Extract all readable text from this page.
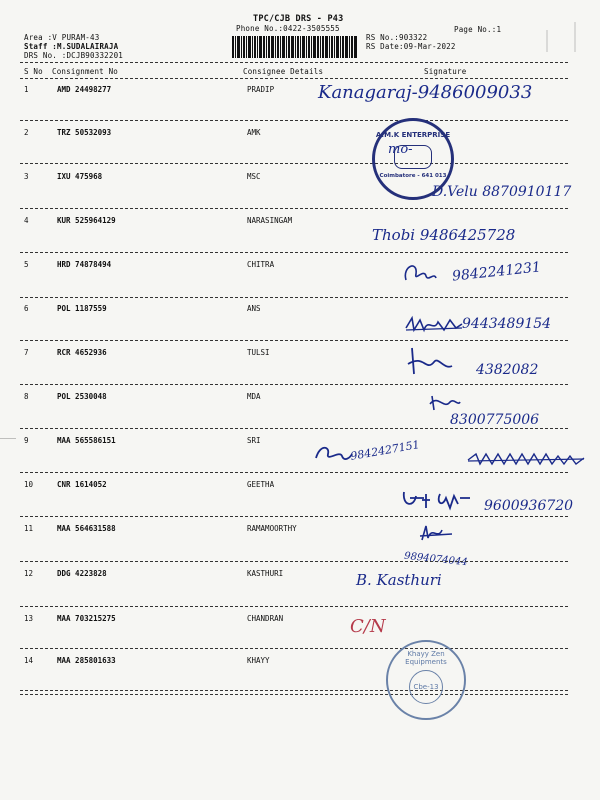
TPC/CJB DRS - P43
Phone No.:0422-3505555	Page No.:1
Area :V PURAM-43
Staff :M.SUDALAIRAJA
DRS No. :DCJB90332201
RS No.:903322
RS Date:09-Mar-2022
S No Consignment No	Consignee Details	Signature
1	AMD 24498277	PRADIP Kanagaraj-9486009033
2	TRZ 50532093	AMK
3	IXU 475968	MSC
D.Velu 8870910117
4	KUR 525964129	NARASINGAM
Thobi 9486425728
5	HRD 74878494	CHITRA	9842241231
6	POL 1187559	ANS
9443489154
7	RCR 4652936	TULSI
4382082
8	POL 2530048	MDA
8300775006
9	MAA 565586151	SRI	9842427151
10	CNR 1614052	GEETHA
9600936720
11	MAA 564631588	RAMAMOORTHY
9894074044
12	DDG 4223828	KASTHURI	B. Kasthuri
13	MAA 703215275	CHANDRAN	C/N
14	MAA 285801633	KHAYY
A.M.K ENTERPRISE
Coimbatore - 641 013
mo-
Khayy Zen Equipments
Cbe-13
